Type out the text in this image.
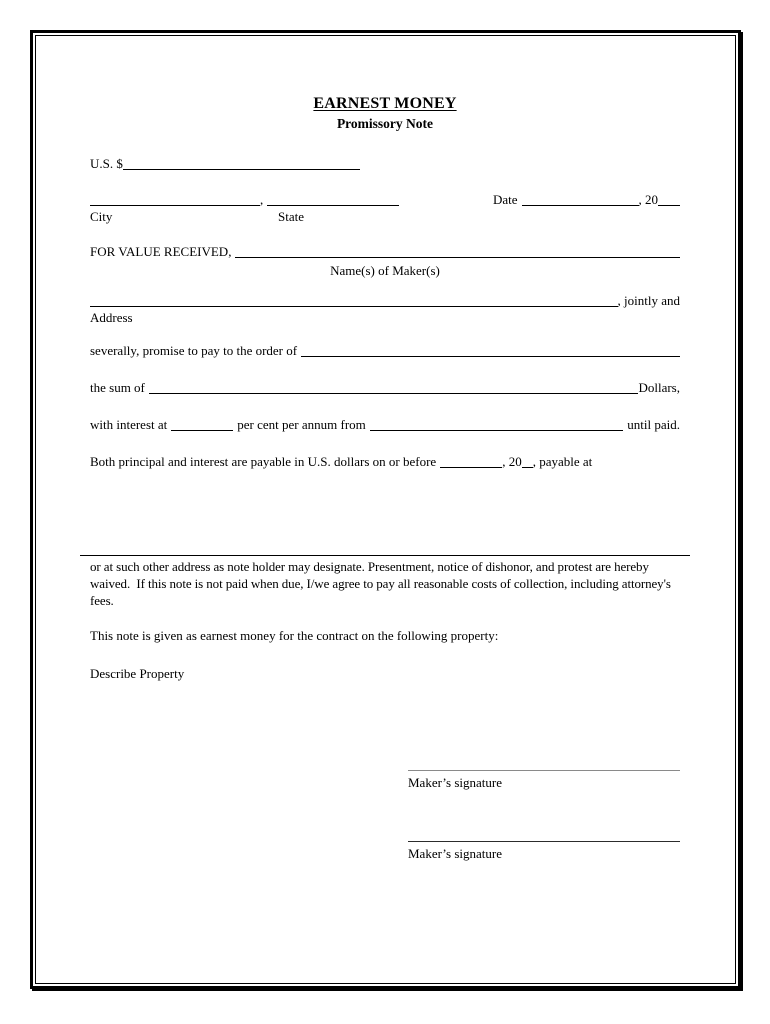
EARNEST MONEY
Promissory Note
U.S. $
,	Date	, 20
City	State
FOR VALUE RECEIVED,
Name(s) of Maker(s)
, jointly and
Address
severally, promise to pay to the order of
the sum of	Dollars,
with interest at	per cent per annum from	until paid.
Both principal and interest are payable in U.S. dollars on or before	, 20 , payable at
or at such other address as note holder may designate. Presentment, notice of dishonor, and protest are hereby waived.  If this note is not paid when due, I/we agree to pay all reasonable costs of collection, including attorney's fees.
This note is given as earnest money for the contract on the following property:
Describe Property
Maker’s signature
Maker’s signature
